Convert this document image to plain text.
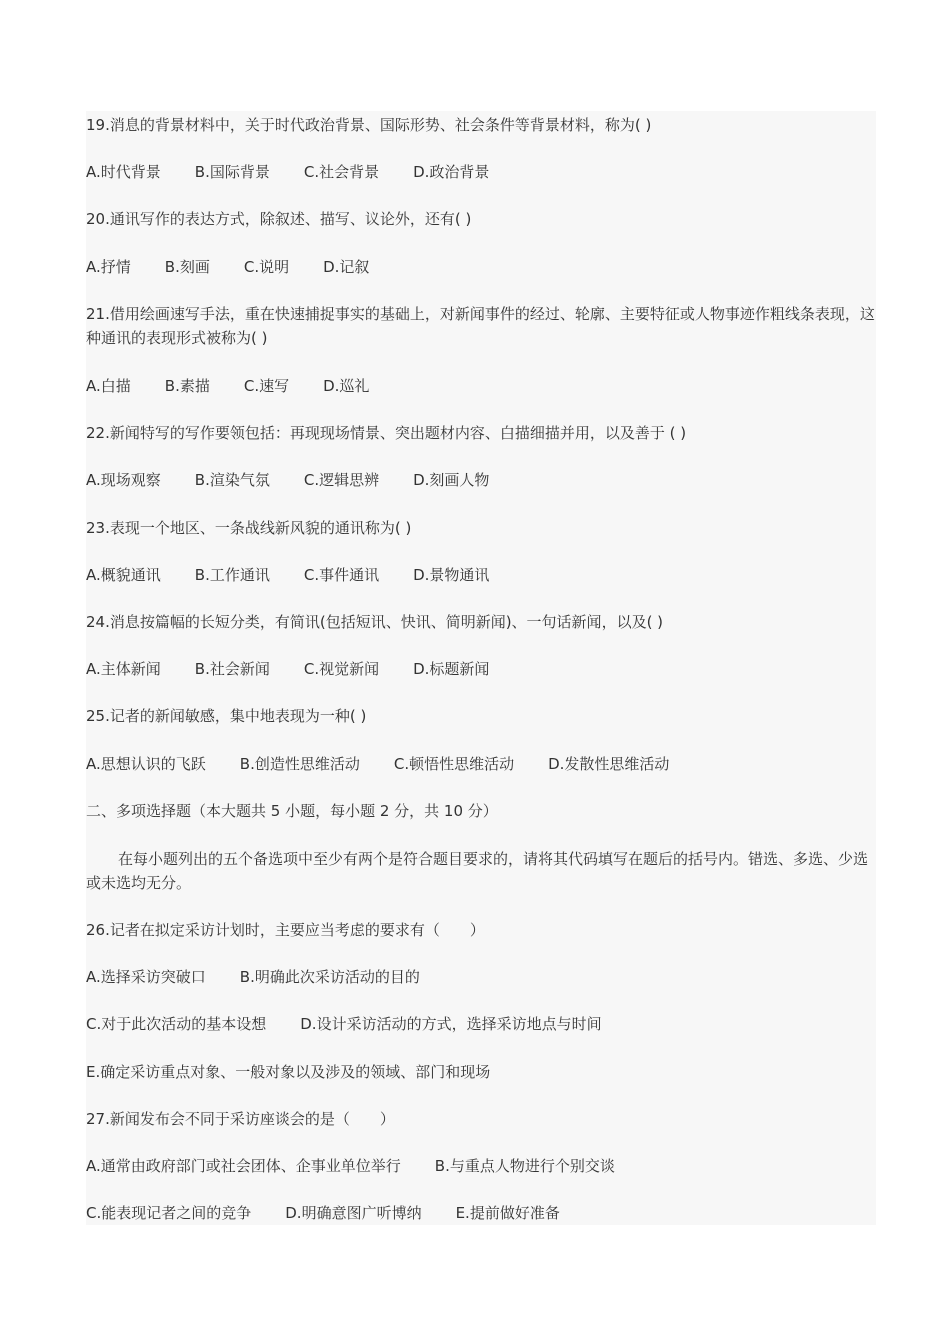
19.消息的背景材料中，关于时代政治背景、国际形势、社会条件等背景材料，称为( )
A.时代背景 B.国际背景 C.社会背景 D.政治背景
20.通讯写作的表达方式，除叙述、描写、议论外，还有( )
A.抒情 B.刻画 C.说明 D.记叙
21.借用绘画速写手法，重在快速捕捉事实的基础上，对新闻事件的经过、轮廓、主要特征或人物事迹作粗线条表现，这种通讯的表现形式被称为( )
A.白描 B.素描 C.速写 D.巡礼
22.新闻特写的写作要领包括：再现现场情景、突出题材内容、白描细描并用，以及善于 ( )
A.现场观察 B.渲染气氛 C.逻辑思辨 D.刻画人物
23.表现一个地区、一条战线新风貌的通讯称为( )
A.概貌通讯 B.工作通讯 C.事件通讯 D.景物通讯
24.消息按篇幅的长短分类，有简讯(包括短讯、快讯、简明新闻)、一句话新闻，以及( )
A.主体新闻 B.社会新闻 C.视觉新闻 D.标题新闻
25.记者的新闻敏感，集中地表现为一种( )
A.思想认识的飞跃 B.创造性思维活动 C.顿悟性思维活动 D.发散性思维活动
二、多项选择题（本大题共 5 小题，每小题 2 分，共 10 分）
在每小题列出的五个备选项中至少有两个是符合题目要求的，请将其代码填写在题后的括号内。错选、多选、少选或未选均无分。
26.记者在拟定采访计划时，主要应当考虑的要求有（　　）
A.选择采访突破口 B.明确此次采访活动的目的
C.对于此次活动的基本设想 D.设计采访活动的方式，选择采访地点与时间
E.确定采访重点对象、一般对象以及涉及的领域、部门和现场
27.新闻发布会不同于采访座谈会的是（　　）
A.通常由政府部门或社会团体、企事业单位举行 B.与重点人物进行个别交谈
C.能表现记者之间的竞争 D.明确意图广听博纳 E.提前做好准备
